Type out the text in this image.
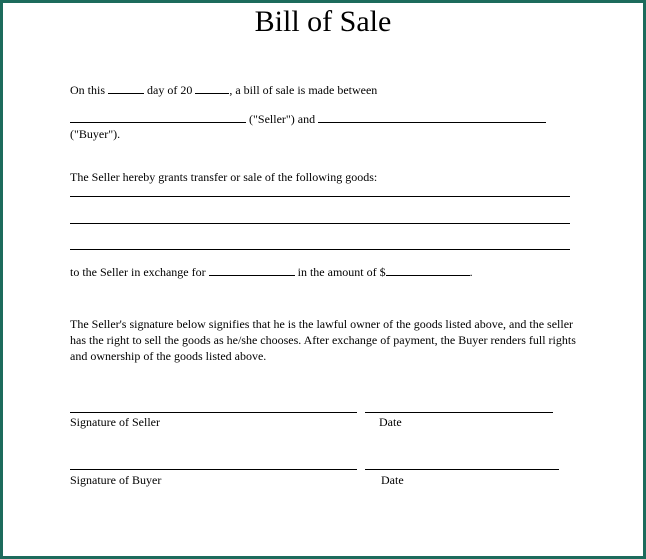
Bill of Sale
On this	day of 20	, a bill of sale is made between
("Seller") and
("Buyer").
The Seller hereby grants transfer or sale of the following goods:
to the Seller in exchange for	in the amount of $	.
The Seller's signature below signifies that he is the lawful owner of the goods listed above, and the seller has the right to sell the goods as he/she chooses. After exchange of payment, the Buyer renders full rights and ownership of the goods listed above.
Signature of Seller	Date
Signature of Buyer	Date
